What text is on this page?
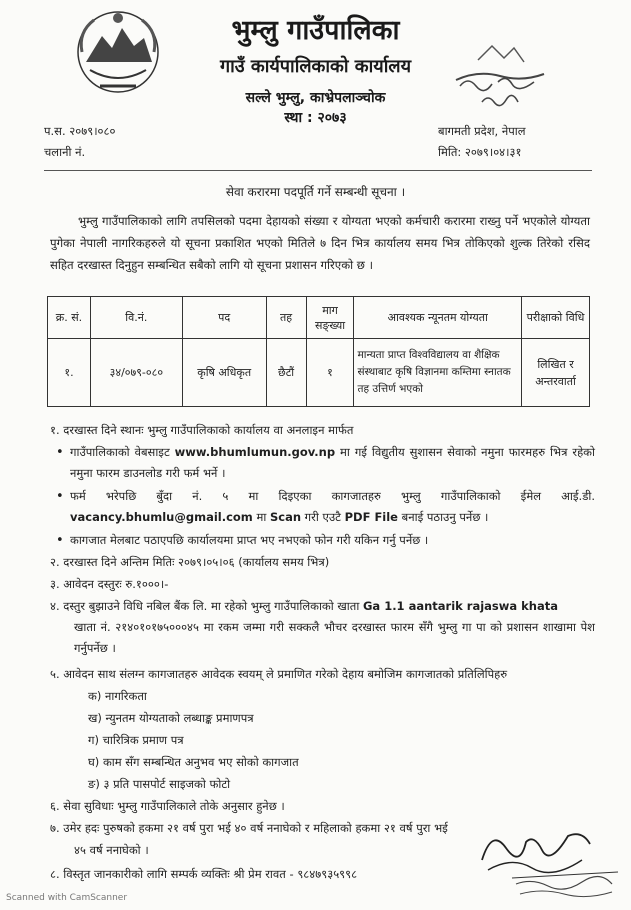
भुम्लु गाउँपालिका
गाउँ कार्यपालिकाको कार्यालय
सल्ले भुम्लु, काभ्रेपलाञ्चोक
स्था : २०७३
प.स. २०७९।०८०
चलानी नं.
बागमती प्रदेश, नेपाल
मिति: २०७९।०४।३१
सेवा करारमा पदपूर्ति गर्ने सम्बन्धी सूचना ।
भुम्लु गाउँपालिकाको लागि तपसिलको पदमा देहायको संख्या र योग्यता भएको कर्मचारी करारमा राख्नु पर्ने भएकोले योग्यता पुगेका नेपाली नागरिकहरुले यो सूचना प्रकाशित भएको मितिले ७ दिन भित्र कार्यालय समय भित्र तोकिएको शुल्क तिरेको रसिद सहित दरखास्त दिनुहुन सम्बन्धित सबैको लागि यो सूचना प्रशासन गरिएको छ ।
क्र. सं.	वि.नं.	पद	तह	माग सङ्ख्या	आवश्यक न्यूनतम योग्यता	परीक्षाको विधि
१.	३४/०७९-०८०	कृषि अधिकृत	छैटौं	१	मान्यता प्राप्त विश्वविद्यालय वा शैक्षिक संस्थाबाट कृषि विज्ञानमा कम्तिमा स्नातक तह उत्तिर्ण भएको	लिखित र अन्तरवार्ता
१. दरखास्त दिने स्थानः भुम्लु गाउँपालिकाको कार्यालय वा अनलाइन मार्फत
• गाउँपालिकाको वेबसाइट www.bhumlumun.gov.np मा गई विद्युतीय सुशासन सेवाको नमुना फारमहरु भित्र रहेको नमुना फारम डाउनलोड गरी फर्म भर्ने ।
• फर्म भरेपछि बुँदा नं. ५ मा दिइएका कागजातहरु भुम्लु गाउँपालिकाको ईमेल आई.डी. vacancy.bhumlu@gmail.com मा Scan गरी एउटै PDF File बनाई पठाउनु पर्नेछ ।
• कागजात मेलबाट पठाएपछि कार्यालयमा प्राप्त भए नभएको फोन गरी यकिन गर्नु पर्नेछ ।
२. दरखास्त दिने अन्तिम मितिः २०७९।०५।०६ (कार्यालय समय भित्र)
३. आवेदन दस्तुरः रु.१०००।-
४. दस्तुर बुझाउने विधि नबिल बैंक लि. मा रहेको भुम्लु गाउँपालिकाको खाता Ga 1.1 aantarik rajaswa khata
खाता नं. २१४०१०१७५०००४५ मा रकम जम्मा गरी सक्कलै भौचर दरखास्त फारम सँगै भुम्लु गा पा को प्रशासन शाखामा पेश गर्नुपर्नेछ ।
५. आवेदन साथ संलग्न कागजातहरु आवेदक स्वयम् ले प्रमाणित गरेको देहाय बमोजिम कागजातको प्रतिलिपिहरु
क) नागरिकता
ख) न्युनतम योग्यताको लब्धाङ्क प्रमाणपत्र
ग) चारित्रिक प्रमाण पत्र
घ) काम सँग सम्बन्धित अनुभव भए सोको कागजात
ङ) ३ प्रति पासपोर्ट साइजको फोटो
६. सेवा सुविधाः भुम्लु गाउँपालिकाले तोके अनुसार हुनेछ ।
७. उमेर हदः पुरुषको हकमा २१ वर्ष पुरा भई ४० वर्ष ननाघेको र महिलाको हकमा २१ वर्ष पुरा भई
४५ वर्ष ननाघेको ।
८. विस्तृत जानकारीको लागि सम्पर्क व्यक्तिः श्री प्रेम रावत - ९८४७९३५९९८
Scanned with CamScanner
